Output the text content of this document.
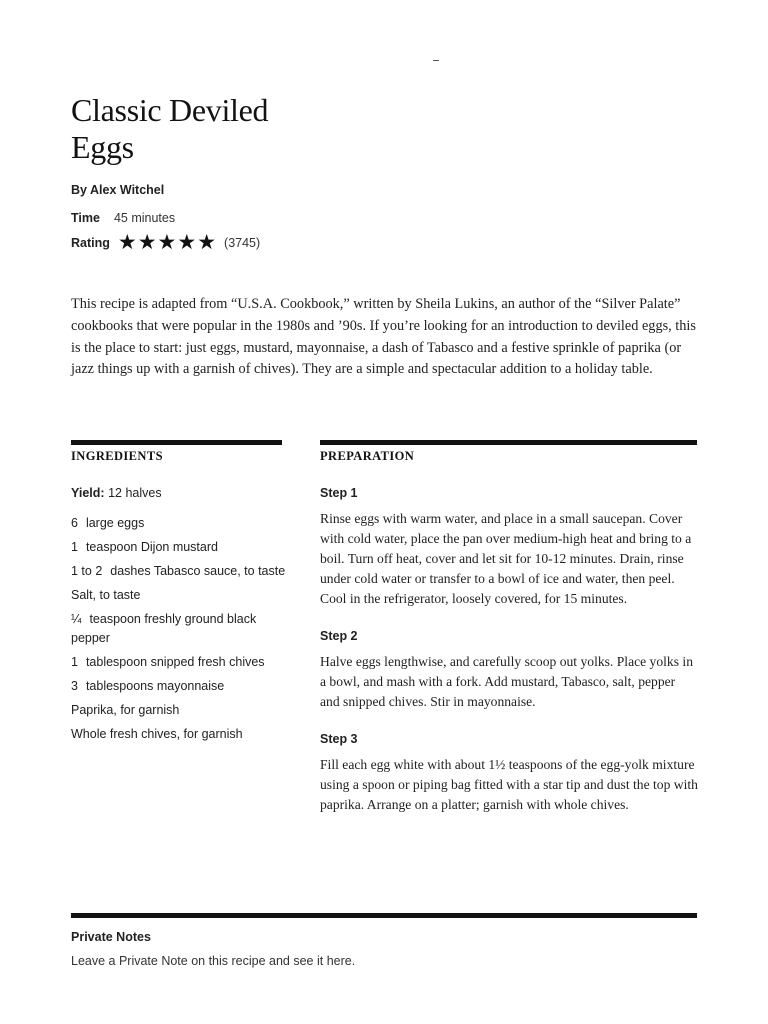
Classic Deviled Eggs
By Alex Witchel
Time 45 minutes
Rating ★ ★ ★ ★ ★ (3745)

This recipe is adapted from “U.S.A. Cookbook,” written by Sheila Lukins, an author of the “Silver Palate” cookbooks that were popular in the 1980s and ’90s. If you’re looking for an introduction to deviled eggs, this is the place to start: just eggs, mustard, mayonnaise, a dash of Tabasco and a festive sprinkle of paprika (or jazz things up with a garnish of chives). They are a simple and spectacular addition to a holiday table.

INGREDIENTS	PREPARATION
Yield: 12 halves
6 large eggs
1 teaspoon Dijon mustard
1 to 2 dashes Tabasco sauce, to taste
Salt, to taste
¼ teaspoon freshly ground black pepper
1 tablespoon snipped fresh chives
3 tablespoons mayonnaise
Paprika, for garnish
Whole fresh chives, for garnish

Step 1

Rinse eggs with warm water, and place in a small saucepan. Cover with cold water, place the pan over medium-high heat and bring to a boil. Turn off heat, cover and let sit for 10-12 minutes. Drain, rinse under cold water or transfer to a bowl of ice and water, then peel. Cool in the refrigerator, loosely covered, for 15 minutes.

Step 2

Halve eggs lengthwise, and carefully scoop out yolks. Place yolks in a bowl, and mash with a fork. Add mustard, Tabasco, salt, pepper and snipped chives. Stir in mayonnaise.

Step 3

Fill each egg white with about 1½ teaspoons of the egg-yolk mixture using a spoon or piping bag fitted with a star tip and dust the top with paprika. Arrange on a platter; garnish with whole chives.

Private Notes
Leave a Private Note on this recipe and see it here.
